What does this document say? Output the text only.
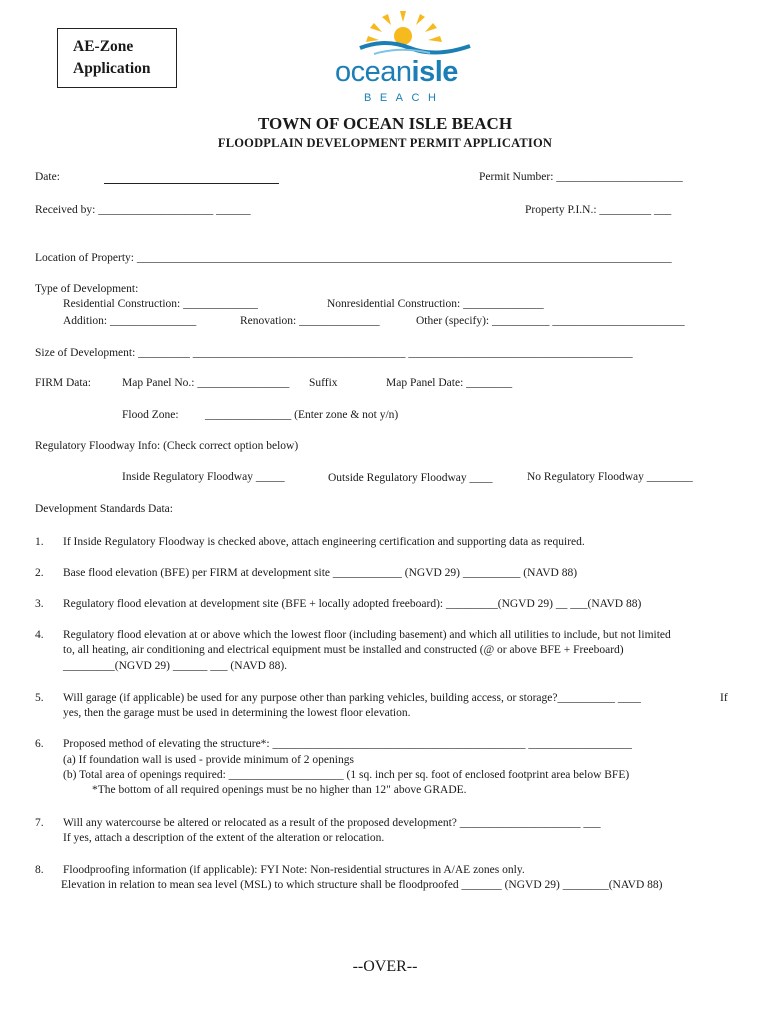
AE-Zone
Application	oceanisle
BEACH
TOWN OF OCEAN ISLE BEACH
FLOODPLAIN DEVELOPMENT PERMIT APPLICATION
Date:	Permit Number: ______________________
Received by: ____________________ ______	Property P.I.N.: _________ ___
Location of Property: _____________________________________________________________________________________________
Type of Development:
Residential Construction: _____________	Nonresidential Construction: ______________
Addition: _______________	Renovation: ______________	Other (specify): __________ _______________________
Size of Development: _________ _____________________________________ _______________________________________
FIRM Data:	Map Panel No.: ________________ Suffix	Map Panel Date: ________
Flood Zone: _______________ (Enter zone & not y/n)
Regulatory Floodway Info: (Check correct option below)
Inside Regulatory Floodway _____	Outside Regulatory Floodway ____	No Regulatory Floodway ________
Development Standards Data:
1. If Inside Regulatory Floodway is checked above, attach engineering certification and supporting data as required.
2. Base flood elevation (BFE) per FIRM at development site ____________ (NGVD 29) __________ (NAVD 88)
3. Regulatory flood elevation at development site (BFE + locally adopted freeboard): _________(NGVD 29) __ ___(NAVD 88)
4. Regulatory flood elevation at or above which the lowest floor (including basement) and which all utilities to include, but not limited
to, all heating, air conditioning and electrical equipment must be installed and constructed (@ or above BFE + Freeboard)
_________(NGVD 29) ______ ___ (NAVD 88).
5. Will garage (if applicable) be used for any purpose other than parking vehicles, building access, or storage?__________ ____	If
yes, then the garage must be used in determining the lowest floor elevation.
6. Proposed method of elevating the structure*: ____________________________________________ __________________
(a) If foundation wall is used - provide minimum of 2 openings
(b) Total area of openings required: ____________________ (1 sq. inch per sq. foot of enclosed footprint area below BFE)
*The bottom of all required openings must be no higher than 12" above GRADE.
7. Will any watercourse be altered or relocated as a result of the proposed development? _____________________ ___
If yes, attach a description of the extent of the alteration or relocation.
8. Floodproofing information (if applicable): FYI Note: Non-residential structures in A/AE zones only.
Elevation in relation to mean sea level (MSL) to which structure shall be floodproofed _______ (NGVD 29) ________(NAVD 88)
--OVER--
